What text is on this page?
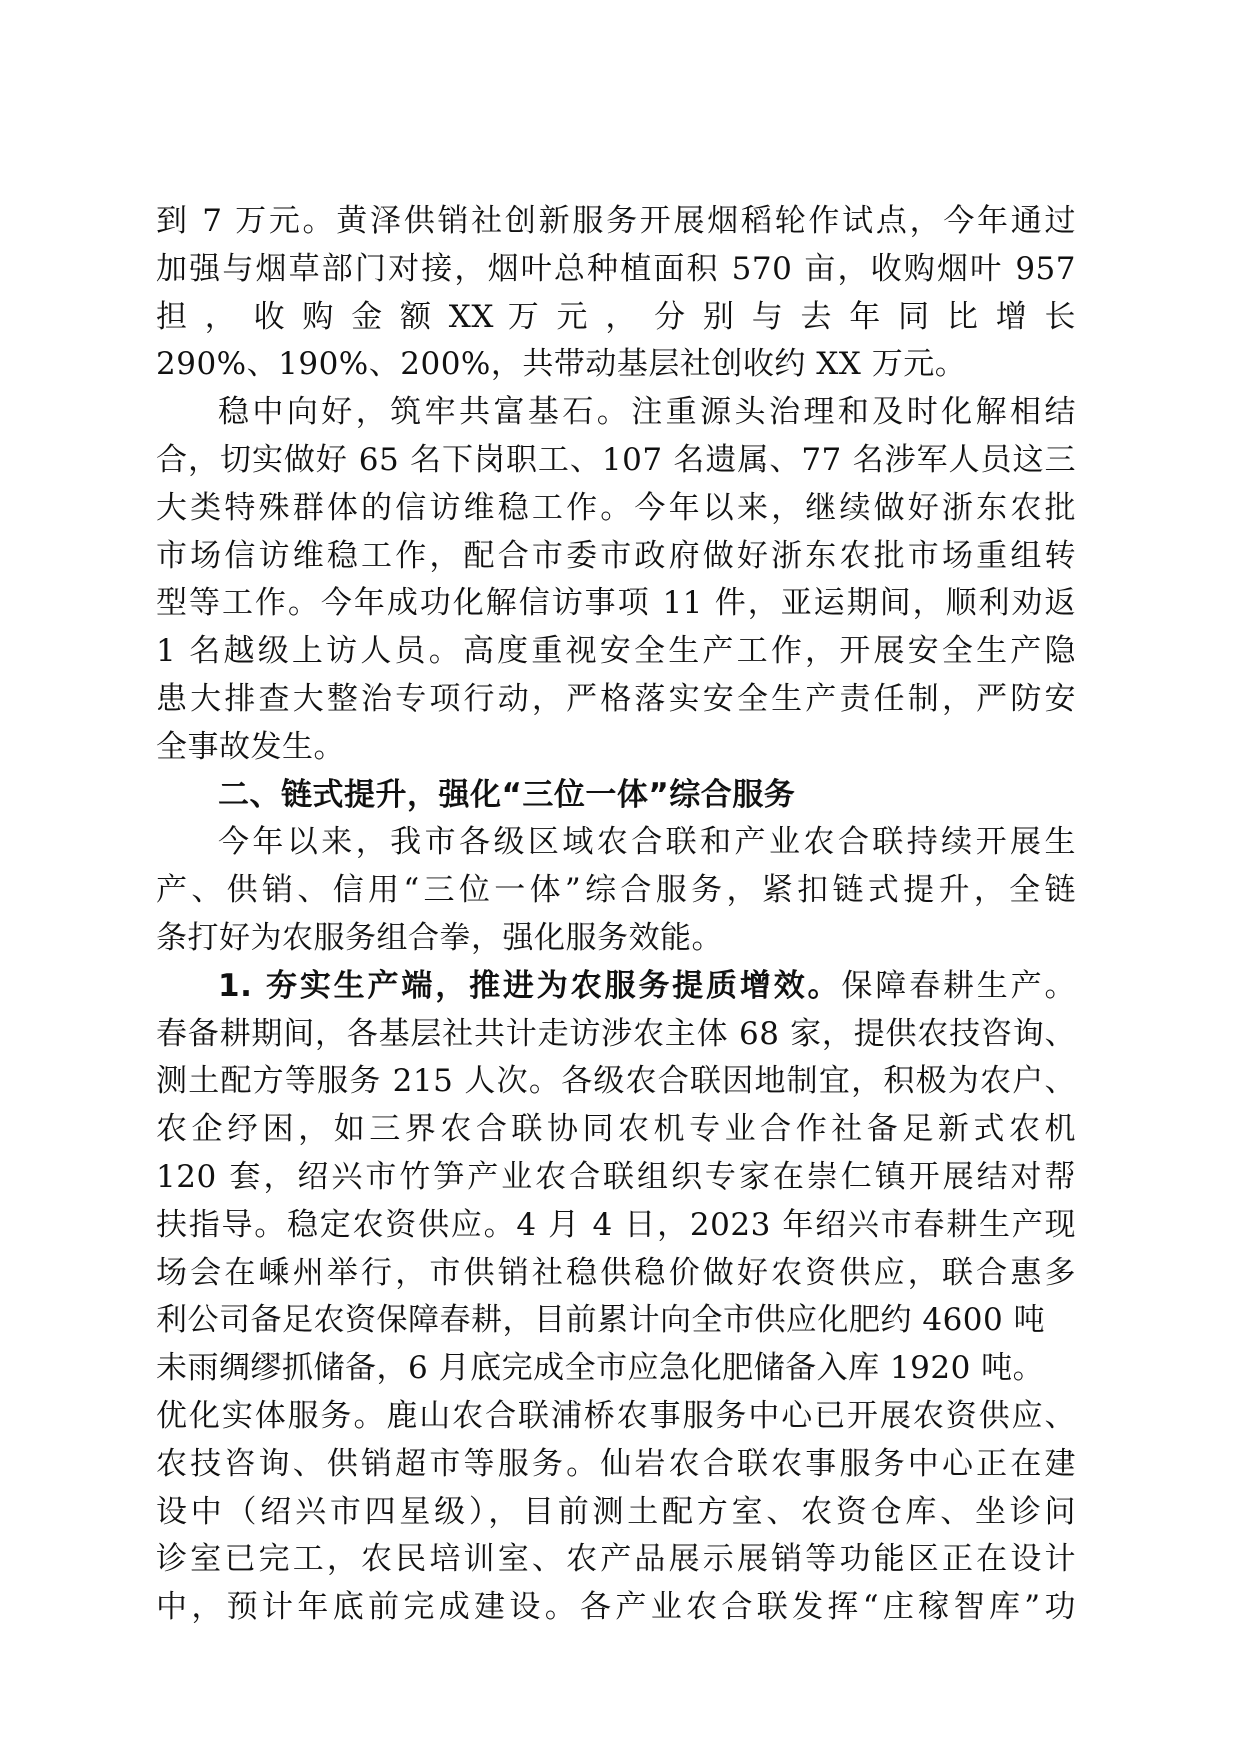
到 7 万元。黄泽供销社创新服务开展烟稻轮作试点，今年通过
加强与烟草部门对接，烟叶总种植面积 570 亩，收购烟叶 957
担 ， 收 购 金 额 XX 万 元 ， 分 别 与 去 年 同 比 增 长
290%、190%、200%，共带动基层社创收约 XX 万元。
稳中向好，筑牢共富基石。注重源头治理和及时化解相结
合，切实做好 65 名下岗职工、107 名遗属、77 名涉军人员这三
大类特殊群体的信访维稳工作。今年以来，继续做好浙东农批
市场信访维稳工作，配合市委市政府做好浙东农批市场重组转
型等工作。今年成功化解信访事项 11 件，亚运期间，顺利劝返
1 名越级上访人员。高度重视安全生产工作，开展安全生产隐
患大排查大整治专项行动，严格落实安全生产责任制，严防安
全事故发生。
二、链式提升，强化“三位一体”综合服务
今年以来，我市各级区域农合联和产业农合联持续开展生
产、供销、信用“三位一体”综合服务，紧扣链式提升，全链
条打好为农服务组合拳，强化服务效能。
1. 夯实生产端，推进为农服务提质增效。保障春耕生产。
春备耕期间，各基层社共计走访涉农主体 68 家，提供农技咨询、
测土配方等服务 215 人次。各级农合联因地制宜，积极为农户、
农企纾困，如三界农合联协同农机专业合作社备足新式农机
120 套，绍兴市竹笋产业农合联组织专家在崇仁镇开展结对帮
扶指导。稳定农资供应。4 月 4 日，2023 年绍兴市春耕生产现
场会在嵊州举行，市供销社稳供稳价做好农资供应，联合惠多
利公司备足农资保障春耕，目前累计向全市供应化肥约 4600 吨
未雨绸缪抓储备，6 月底完成全市应急化肥储备入库 1920 吨。
优化实体服务。鹿山农合联浦桥农事服务中心已开展农资供应、
农技咨询、供销超市等服务。仙岩农合联农事服务中心正在建
设中（绍兴市四星级），目前测土配方室、农资仓库、坐诊问
诊室已完工，农民培训室、农产品展示展销等功能区正在设计
中，预计年底前完成建设。各产业农合联发挥“庄稼智库”功
